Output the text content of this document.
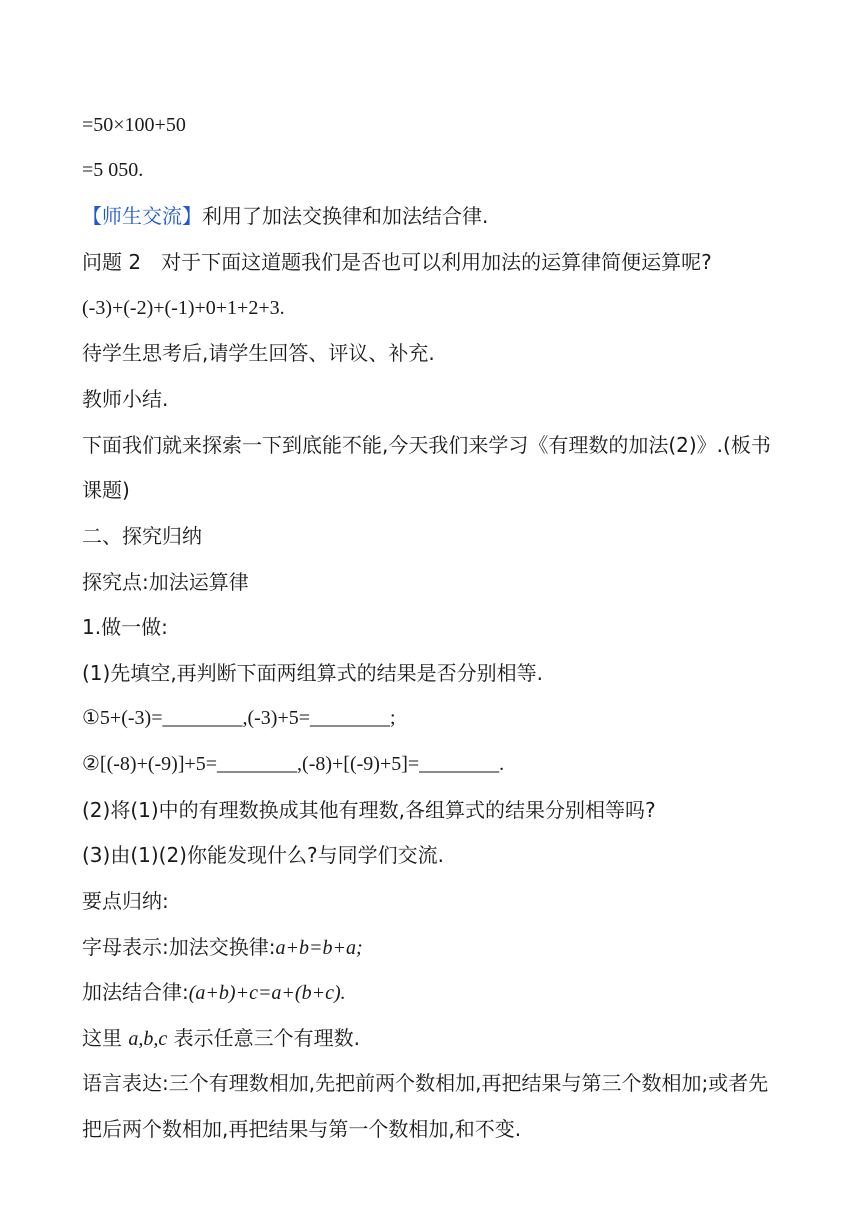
=50×100+50
=5 050.
【师生交流】利用了加法交换律和加法结合律.
问题 2　对于下面这道题我们是否也可以利用加法的运算律简便运算呢?
(-3)+(-2)+(-1)+0+1+2+3.
待学生思考后,请学生回答、评议、补充.
教师小结.
下面我们就来探索一下到底能不能,今天我们来学习《有理数的加法(2)》.(板书
课题)
二、探究归纳
探究点:加法运算律
1.做一做:
(1)先填空,再判断下面两组算式的结果是否分别相等.
①5+(-3)=________,(-3)+5=________;
②[(-8)+(-9)]+5=________,(-8)+[(-9)+5]=________.
(2)将(1)中的有理数换成其他有理数,各组算式的结果分别相等吗?
(3)由(1)(2)你能发现什么?与同学们交流.
要点归纳:
字母表示:加法交换律:a+b=b+a;
加法结合律:(a+b)+c=a+(b+c).
这里 a,b,c 表示任意三个有理数.
语言表达:三个有理数相加,先把前两个数相加,再把结果与第三个数相加;或者先
把后两个数相加,再把结果与第一个数相加,和不变.
